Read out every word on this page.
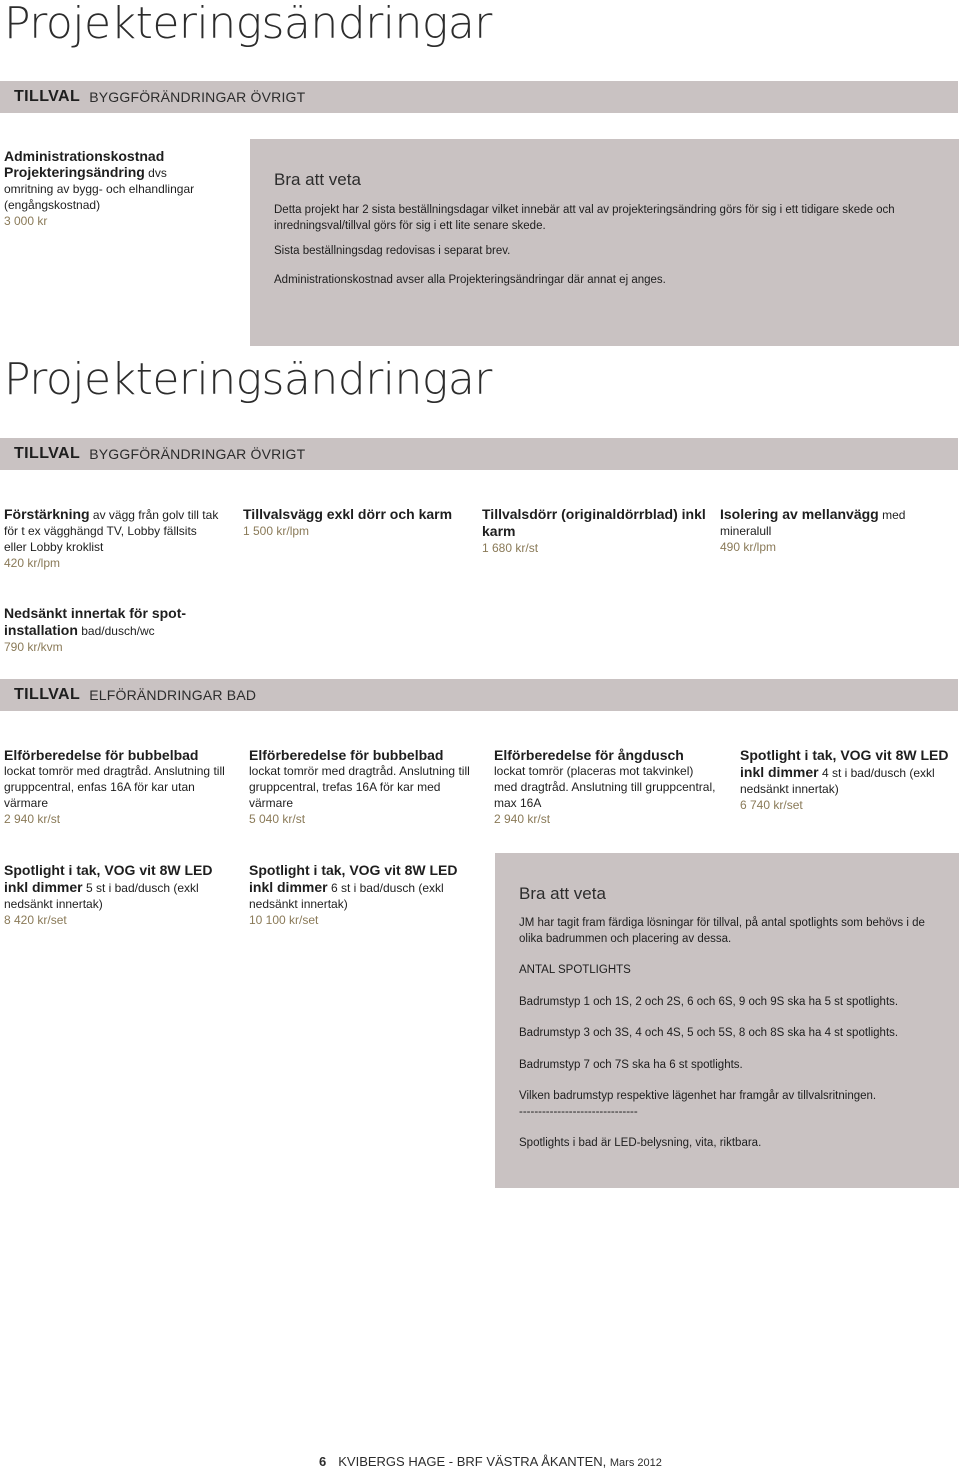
Projekteringsändringar
TILLVAL BYGGFÖRÄNDRINGAR ÖVRIGT
Administrationskostnad
Projekteringsändring dvs
omritning av bygg- och elhandlingar (engångskostnad)
3 000 kr
Bra att veta

Detta projekt har 2 sista beställningsdagar vilket innebär att val av projekteringsändring görs för sig i ett tidigare skede och inredningsval/tillval görs för sig i ett lite senare skede.

Sista beställningsdag redovisas i separat brev.

Administrationskostnad avser alla Projekteringsändringar där annat ej anges.

Projekteringsändringar
TILLVAL BYGGFÖRÄNDRINGAR ÖVRIGT
Förstärkning av vägg från golv till tak för t ex vägghängd TV, Lobby fällsits eller Lobby kroklist
420 kr/lpm
Tillvalsvägg exkl dörr och karm
1 500 kr/lpm
Tillvalsdörr (originaldörrblad) inkl karm
1 680 kr/st
Isolering av mellanvägg med mineralull
490 kr/lpm
Nedsänkt innertak för spot-installation bad/dusch/wc
790 kr/kvm
TILLVAL ELFÖRÄNDRINGAR BAD
Elförberedelse för bubbelbad
lockat tomrör med dragtråd. Anslutning till gruppcentral, enfas 16A för kar utan värmare
2 940 kr/st
Elförberedelse för bubbelbad
lockat tomrör med dragtråd. Anslutning till gruppcentral, trefas 16A för kar med värmare
5 040 kr/st
Elförberedelse för ångdusch
lockat tomrör (placeras mot takvinkel) med dragtråd. Anslutning till gruppcentral, max 16A
2 940 kr/st
Spotlight i tak, VOG vit 8W LED inkl dimmer 4 st i bad/dusch (exkl nedsänkt innertak)
6 740 kr/set
Spotlight i tak, VOG vit 8W LED inkl dimmer 5 st i bad/dusch (exkl nedsänkt innertak)
8 420 kr/set
Spotlight i tak, VOG vit 8W LED inkl dimmer 6 st i bad/dusch (exkl nedsänkt innertak)
10 100 kr/set
Bra att veta

JM har tagit fram färdiga lösningar för tillval, på antal spotlights som behövs i de olika badrummen och placering av dessa.

ANTAL SPOTLIGHTS

Badrumstyp 1 och 1S, 2 och 2S, 6 och 6S, 9 och 9S ska ha 5 st spotlights.

Badrumstyp 3 och 3S, 4 och 4S, 5 och 5S, 8 och 8S ska ha 4 st spotlights.

Badrumstyp 7 och 7S ska ha 6 st spotlights.

Vilken badrumstyp respektive lägenhet har framgår av tillvalsritningen.

-------------------------------

Spotlights i bad är LED-belysning, vita, riktbara.

6 KVIBERGS HAGE - BRF VÄSTRA ÅKANTEN, Mars 2012
